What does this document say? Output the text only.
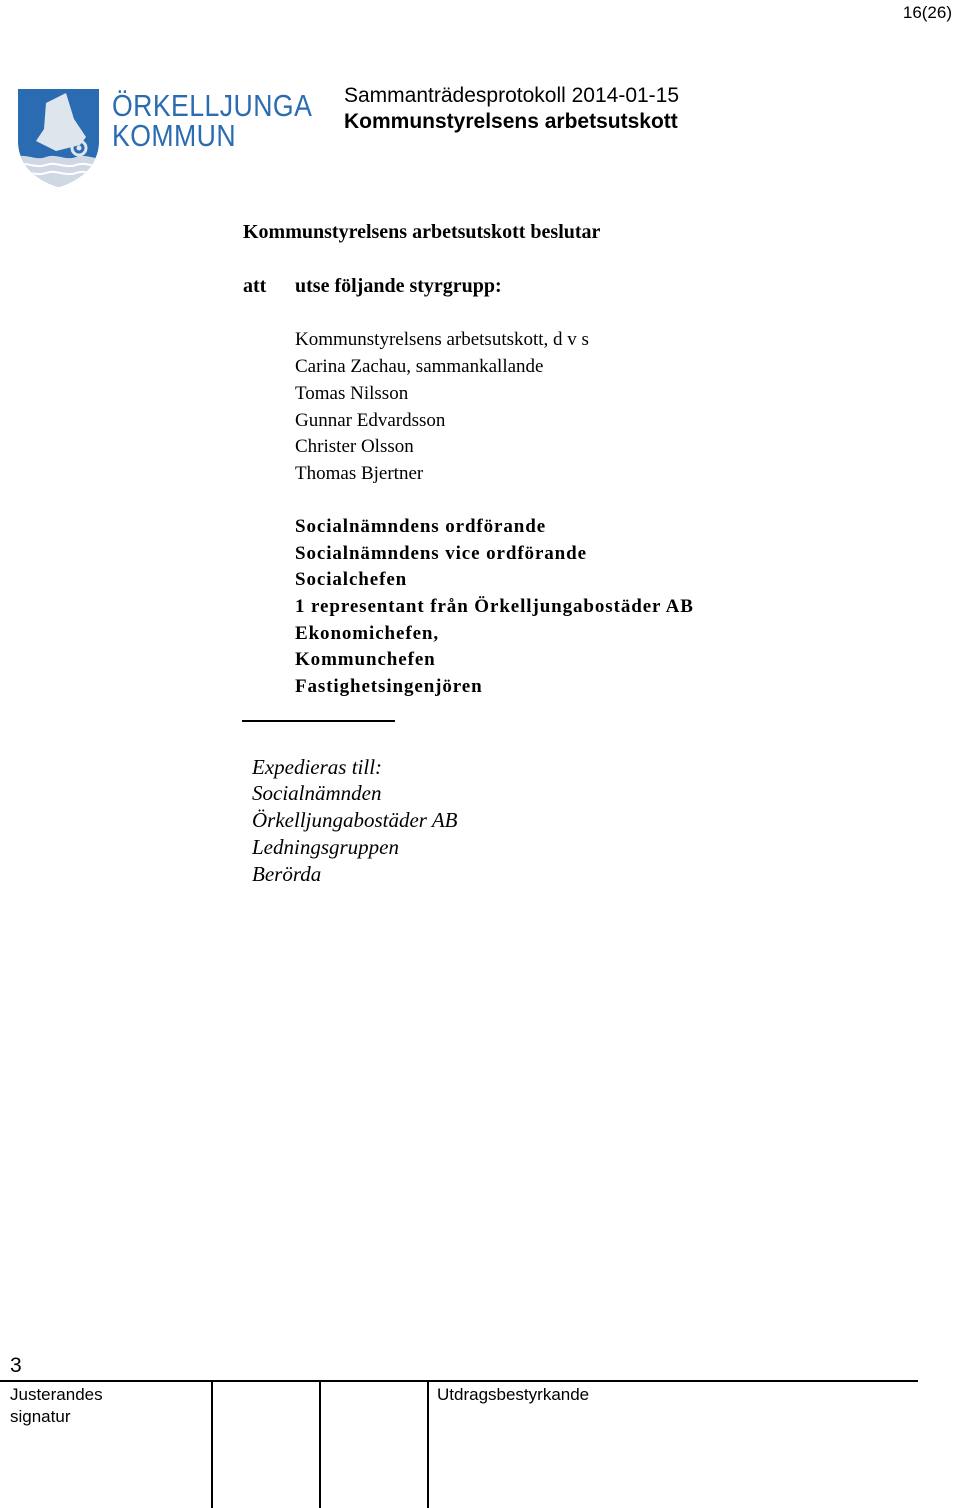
16(26)
ÖRKELLJUNGA
KOMMUN
Sammanträdesprotokoll 2014-01-15
Kommunstyrelsens arbetsutskott
Kommunstyrelsens arbetsutskott beslutar
att utse följande styrgrupp:
Kommunstyrelsens arbetsutskott, d v s
Carina Zachau, sammankallande
Tomas Nilsson
Gunnar Edvardsson
Christer Olsson
Thomas Bjertner
Socialnämndens ordförande
Socialnämndens vice ordförande
Socialchefen
1 representant från Örkelljungabostäder AB
Ekonomichefen,
Kommunchefen
Fastighetsingenjören
Expedieras till:
Socialnämnden
Örkelljungabostäder AB
Ledningsgruppen
Berörda
3
Justerandes
signatur
Utdragsbestyrkande
